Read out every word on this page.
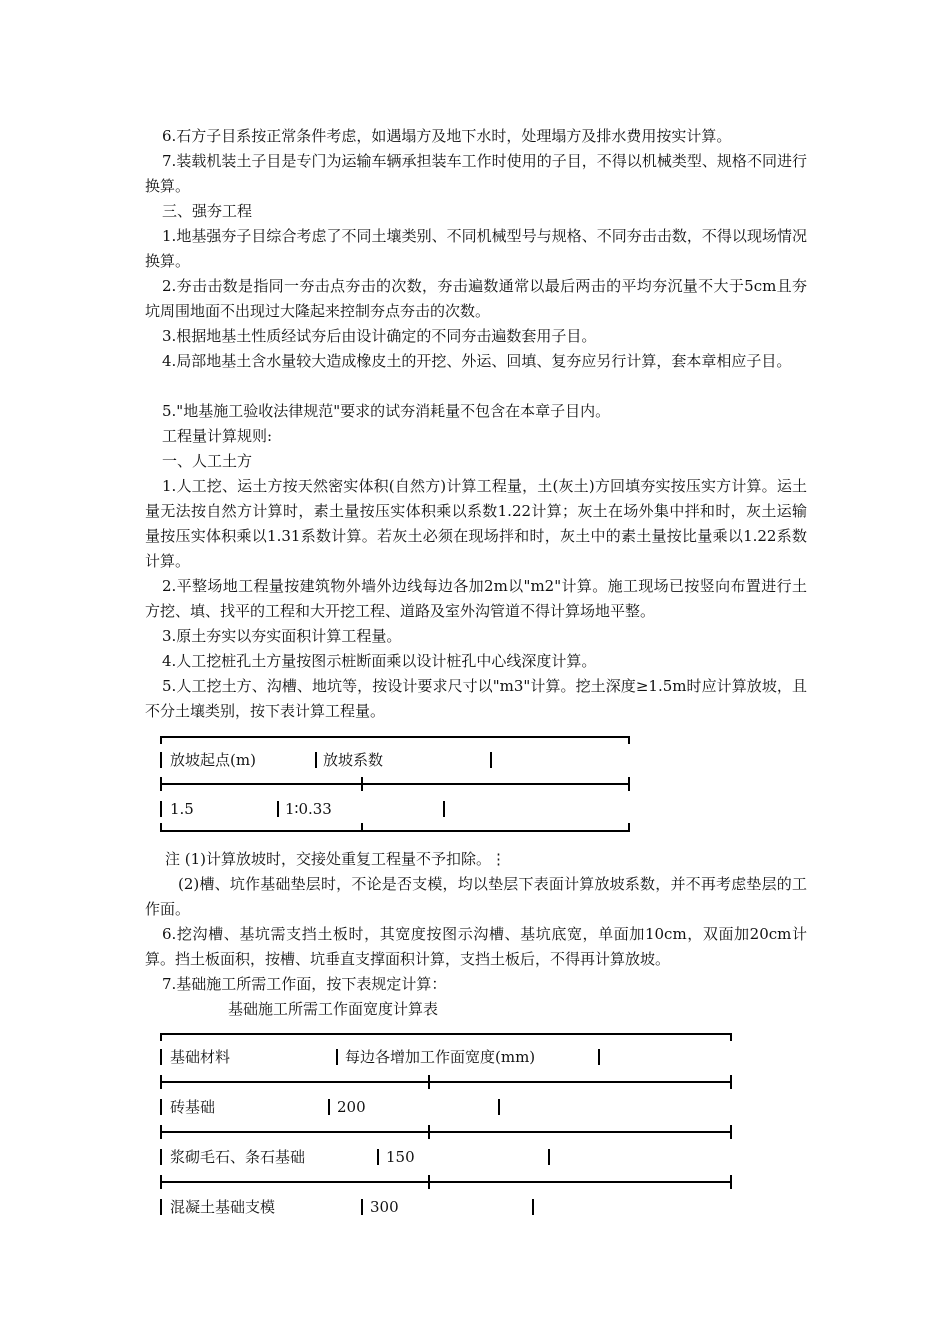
6.石方子目系按正常条件考虑，如遇塌方及地下水时，处理塌方及排水费用按实计算。

7.装载机装土子目是专门为运输车辆承担装车工作时使用的子目，不得以机械类型、规格不同进行换算。

三、强夯工程

1.地基强夯子目综合考虑了不同土壤类别、不同机械型号与规格、不同夯击击数，不得以现场情况换算。

2.夯击击数是指同一夯击点夯击的次数，夯击遍数通常以最后两击的平均夯沉量不大于5cm且夯坑周围地面不出现过大隆起来控制夯点夯击的次数。

3.根据地基土性质经试夯后由设计确定的不同夯击遍数套用子目。

4.局部地基土含水量较大造成橡皮土的开挖、外运、回填、复夯应另行计算，套本章相应子目。

5."地基施工验收法律规范"要求的试夯消耗量不包含在本章子目内。

工程量计算规则:

一、人工土方

1.人工挖、运土方按天然密实体积(自然方)计算工程量，土(灰土)方回填夯实按压实方计算。运土量无法按自然方计算时，素土量按压实体积乘以系数1.22计算；灰土在场外集中拌和时，灰土运输量按压实体积乘以1.31系数计算。若灰土必须在现场拌和时，灰土中的素土量按比量乘以1.22系数计算。

2.平整场地工程量按建筑物外墙外边线每边各加2m以"m2"计算。施工现场已按竖向布置进行土方挖、填、找平的工程和大开挖工程、道路及室外沟管道不得计算场地平整。

3.原土夯实以夯实面积计算工程量。

4.人工挖桩孔土方量按图示桩断面乘以设计桩孔中心线深度计算。

5.人工挖土方、沟槽、地坑等，按设计要求尺寸以"m3"计算。挖土深度≥1.5m时应计算放坡，且不分土壤类别，按下表计算工程量。

放坡起点(m)	放坡系数
1.5	1∶0.33

注 (1)计算放坡时，交接处重复工程量不予扣除。⋮

(2)槽、坑作基础垫层时，不论是否支模，均以垫层下表面计算放坡系数，并不再考虑垫层的工作面。

6.挖沟槽、基坑需支挡土板时，其宽度按图示沟槽、基坑底宽，单面加10cm，双面加20cm计算。挡土板面积，按槽、坑垂直支撑面积计算，支挡土板后，不得再计算放坡。

7.基础施工所需工作面，按下表规定计算：

基础施工所需工作面宽度计算表

基础材料	每边各增加工作面宽度(mm)
砖基础	200
浆砌毛石、条石基础	150
混凝土基础支模	300
